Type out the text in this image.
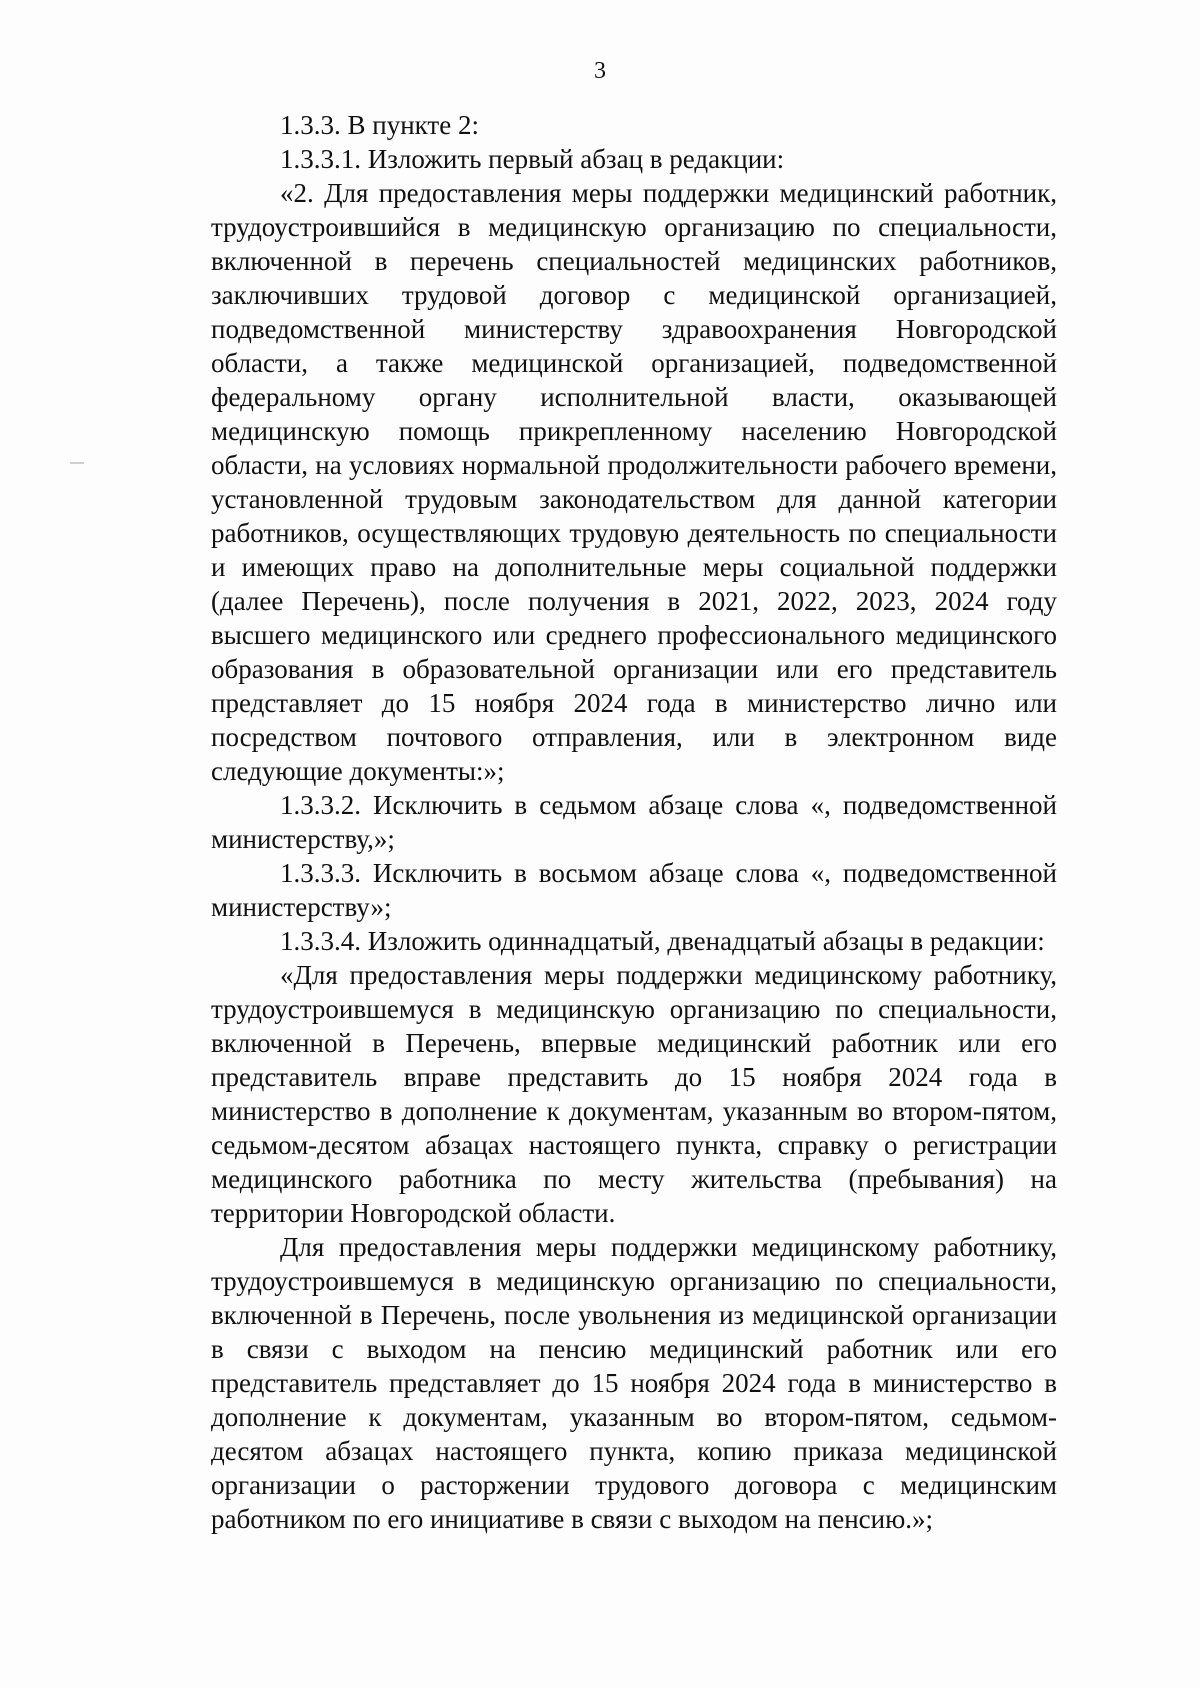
3

1.3.3. В пункте 2:

1.3.3.1. Изложить первый абзац в редакции:

«2. Для предоставления меры поддержки медицинский работник, трудоустроившийся в медицинскую организацию по специальности, включенной в перечень специальностей медицинских работников, заключивших трудовой договор с медицинской организацией, подведомственной министерству здравоохранения Новгородской области, а также медицинской организацией, подведомственной федеральному органу исполнительной власти, оказывающей медицинскую помощь прикрепленному населению Новгородской области, на условиях нормальной продолжительности рабочего времени, установленной трудовым законодательством для данной категории работников, осуществляющих трудовую деятельность по специальности и имеющих право на дополнительные меры социальной поддержки (далее Перечень), после получения в 2021, 2022, 2023, 2024 году высшего медицинского или среднего профессионального медицинского образования в образовательной организации или его представитель представляет до 15 ноября 2024 года в министерство лично или посредством почтового отправления, или в электронном виде следующие документы:»;

1.3.3.2. Исключить в седьмом абзаце слова «, подведомственной министерству,»;

1.3.3.3. Исключить в восьмом абзаце слова «, подведомственной министерству»;

1.3.3.4. Изложить одиннадцатый, двенадцатый абзацы в редакции:

«Для предоставления меры поддержки медицинскому работнику, трудоустроившемуся в медицинскую организацию по специальности, включенной в Перечень, впервые медицинский работник или его представитель вправе представить до 15 ноября 2024 года в министерство в дополнение к документам, указанным во втором-пятом, седьмом-десятом абзацах настоящего пункта, справку о регистрации медицинского работника по месту жительства (пребывания) на территории Новгородской области.

Для предоставления меры поддержки медицинскому работнику, трудоустроившемуся в медицинскую организацию по специальности, включенной в Перечень, после увольнения из медицинской организации в связи с выходом на пенсию медицинский работник или его представитель представляет до 15 ноября 2024 года в министерство в дополнение к документам, указанным во втором-пятом, седьмом-десятом абзацах настоящего пункта, копию приказа медицинской организации о расторжении трудового договора с медицинским работником по его инициативе в связи с выходом на пенсию.»;
